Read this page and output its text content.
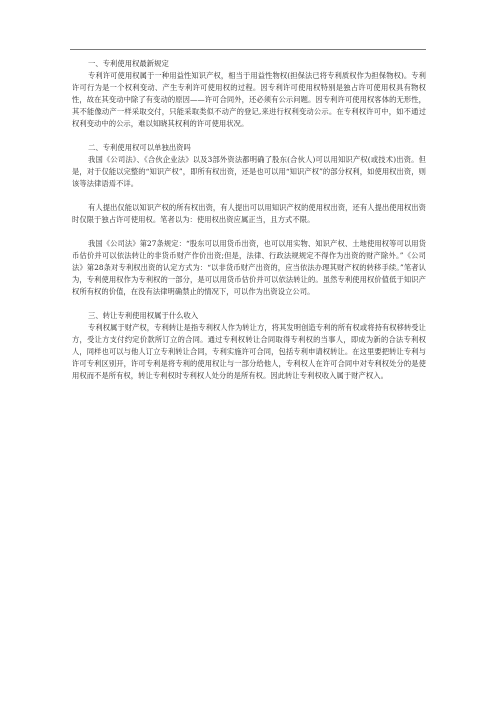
一、专利使用权最新规定

专利许可使用权属于一种用益性知识产权，相当于用益性物权(担保法已将专利质权作为担保物权)。专利许可行为是一个权利变动、产生专利许可使用权的过程。因专利许可使用权特别是独占许可使用权具有物权性，故在其变动中除了有变动的原因——许可合同外，还必须有公示问题。因专利许可使用权客体的无形性，其不能像动产一样采取交付，只能采取类似不动产的登记,来进行权利变动公示。在专利权许可中，如不通过权利变动中的公示，难以知晓其权利的许可使用状况。

二、专利使用权可以单独出资吗

我国《公司法》、《合伙企业法》以及3部外资法都明确了股东(合伙人)可以用知识产权(或技术)出资。但是，对于仅能以完整的“知识产权”，即所有权出资，还是也可以用“知识产权”的部分权利，如使用权出资，则该等法律语焉不详。

有人提出仅能以知识产权的所有权出资，有人提出可以用知识产权的使用权出资，还有人提出使用权出资时仅限于独占许可使用权。笔者以为：使用权出资应属正当，且方式不限。

我国《公司法》第27条规定：“股东可以用货币出资，也可以用实物、知识产权、土地使用权等可以用货币估价并可以依法转让的非货币财产作价出资;但是，法律、行政法规规定不得作为出资的财产除外。”《公司法》第28条对专利权出资的认定方式为：“以非货币财产出资的，应当依法办理其财产权的转移手续。”笔者认为，专利使用权作为专利权的一部分，是可以用货币估价并可以依法转让的。虽然专利使用权价值低于知识产权所有权的价值，在没有法律明确禁止的情况下，可以作为出资设立公司。

三、转让专利使用权属于什么收入

专利权属于财产权，专利转让是指专利权人作为转让方，将其发明创造专利的所有权或将持有权移转受让方，受让方支付约定价款所订立的合同。通过专利权转让合同取得专利权的当事人，即成为新的合法专利权人，同样也可以与他人订立专利转让合同，专利实施许可合同，包括专利申请权转让。在这里要把转让专利与许可专利区别开，许可专利是将专利的使用权让与一部分给他人，专利权人在许可合同中对专利权处分的是使用权而不是所有权，转让专利权时专利权人处分的是所有权。因此转让专利权收入属于财产权入。
